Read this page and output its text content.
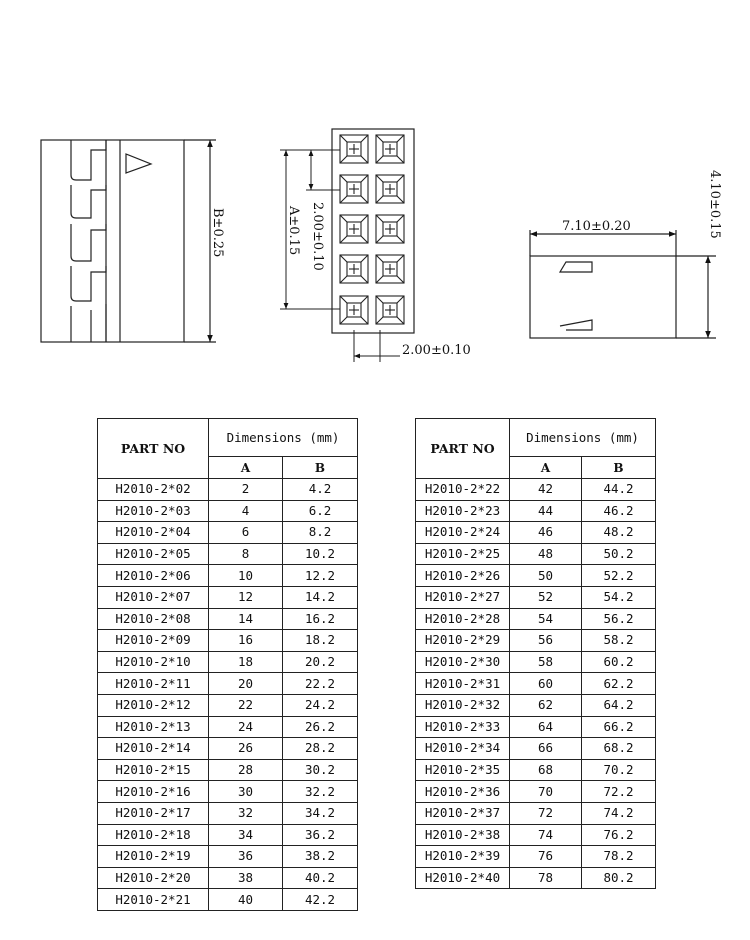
B±0.25	A±0.15 2.00±0.10
2.00±0.10
7.10±0.20	4.10±0.15
PART NO	Dimensions (mm)	
	A	B
H2010-2*02	2	4.2
H2010-2*03	4	6.2
H2010-2*04	6	8.2
H2010-2*05	8	10.2
H2010-2*06	10	12.2
H2010-2*07	12	14.2
H2010-2*08	14	16.2
H2010-2*09	16	18.2
H2010-2*10	18	20.2
H2010-2*11	20	22.2
H2010-2*12	22	24.2
H2010-2*13	24	26.2
H2010-2*14	26	28.2
H2010-2*15	28	30.2
H2010-2*16	30	32.2
H2010-2*17	32	34.2
H2010-2*18	34	36.2
H2010-2*19	36	38.2
H2010-2*20	38	40.2
H2010-2*21	40	42.2
PART NO	Dimensions (mm)	
	A	B
H2010-2*22	42	44.2
H2010-2*23	44	46.2
H2010-2*24	46	48.2
H2010-2*25	48	50.2
H2010-2*26	50	52.2
H2010-2*27	52	54.2
H2010-2*28	54	56.2
H2010-2*29	56	58.2
H2010-2*30	58	60.2
H2010-2*31	60	62.2
H2010-2*32	62	64.2
H2010-2*33	64	66.2
H2010-2*34	66	68.2
H2010-2*35	68	70.2
H2010-2*36	70	72.2
H2010-2*37	72	74.2
H2010-2*38	74	76.2
H2010-2*39	76	78.2
H2010-2*40	78	80.2
